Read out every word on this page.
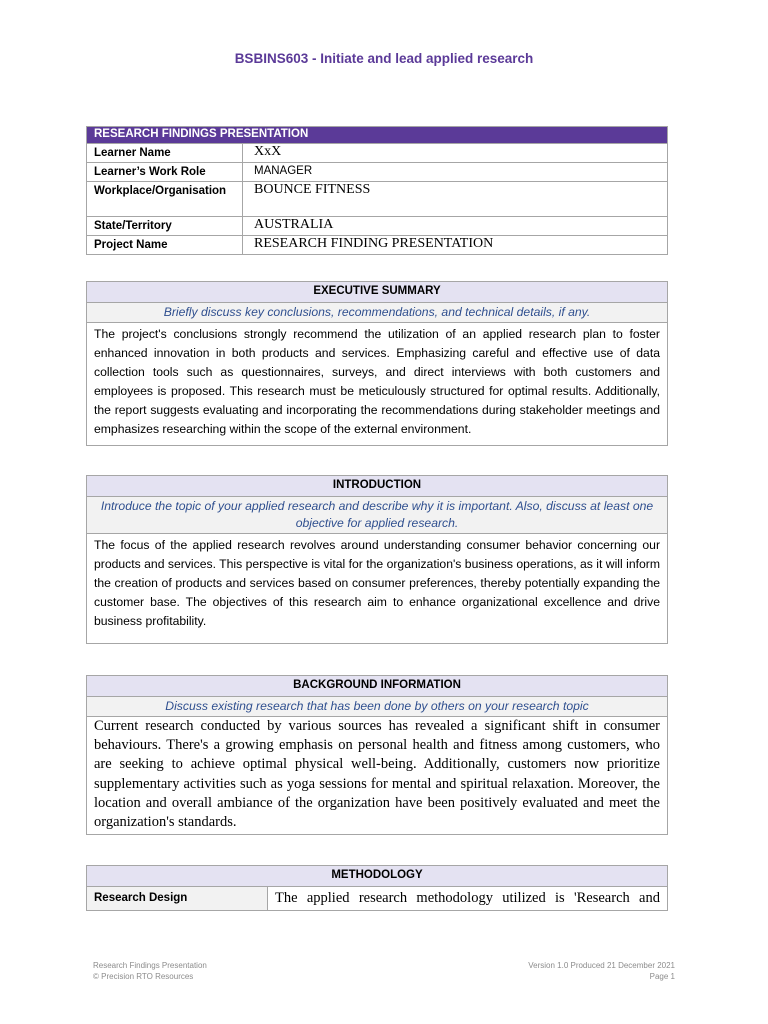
BSBINS603 - Initiate and lead applied research
RESEARCH FINDINGS PRESENTATION	
Learner Name	XxX
Learner’s Work Role	MANAGER
Workplace/Organisation	BOUNCE FITNESS
State/Territory	AUSTRALIA
Project Name	RESEARCH FINDING PRESENTATION
EXECUTIVE SUMMARY
Briefly discuss key conclusions, recommendations, and technical details, if any.
The project's conclusions strongly recommend the utilization of an applied research plan to foster enhanced innovation in both products and services. Emphasizing careful and effective use of data collection tools such as questionnaires, surveys, and direct interviews with both customers and employees is proposed. This research must be meticulously structured for optimal results. Additionally, the report suggests evaluating and incorporating the recommendations during stakeholder meetings and emphasizes researching within the scope of the external environment.
INTRODUCTION
Introduce the topic of your applied research and describe why it is important. Also, discuss at least one objective for applied research.
The focus of the applied research revolves around understanding consumer behavior concerning our products and services. This perspective is vital for the organization's business operations, as it will inform the creation of products and services based on consumer preferences, thereby potentially expanding the customer base. The objectives of this research aim to enhance organizational excellence and drive business profitability.
BACKGROUND INFORMATION
Discuss existing research that has been done by others on your research topic
Current research conducted by various sources has revealed a significant shift in consumer behaviours. There's a growing emphasis on personal health and fitness among customers, who are seeking to achieve optimal physical well-being. Additionally, customers now prioritize supplementary activities such as yoga sessions for mental and spiritual relaxation. Moreover, the location and overall ambiance of the organization have been positively evaluated and meet the organization's standards.
METHODOLOGY
Research Design	The applied research methodology utilized is 'Research and
Research Findings Presentation
© Precision RTO Resources
Version 1.0 Produced 21 December 2021
Page 1
